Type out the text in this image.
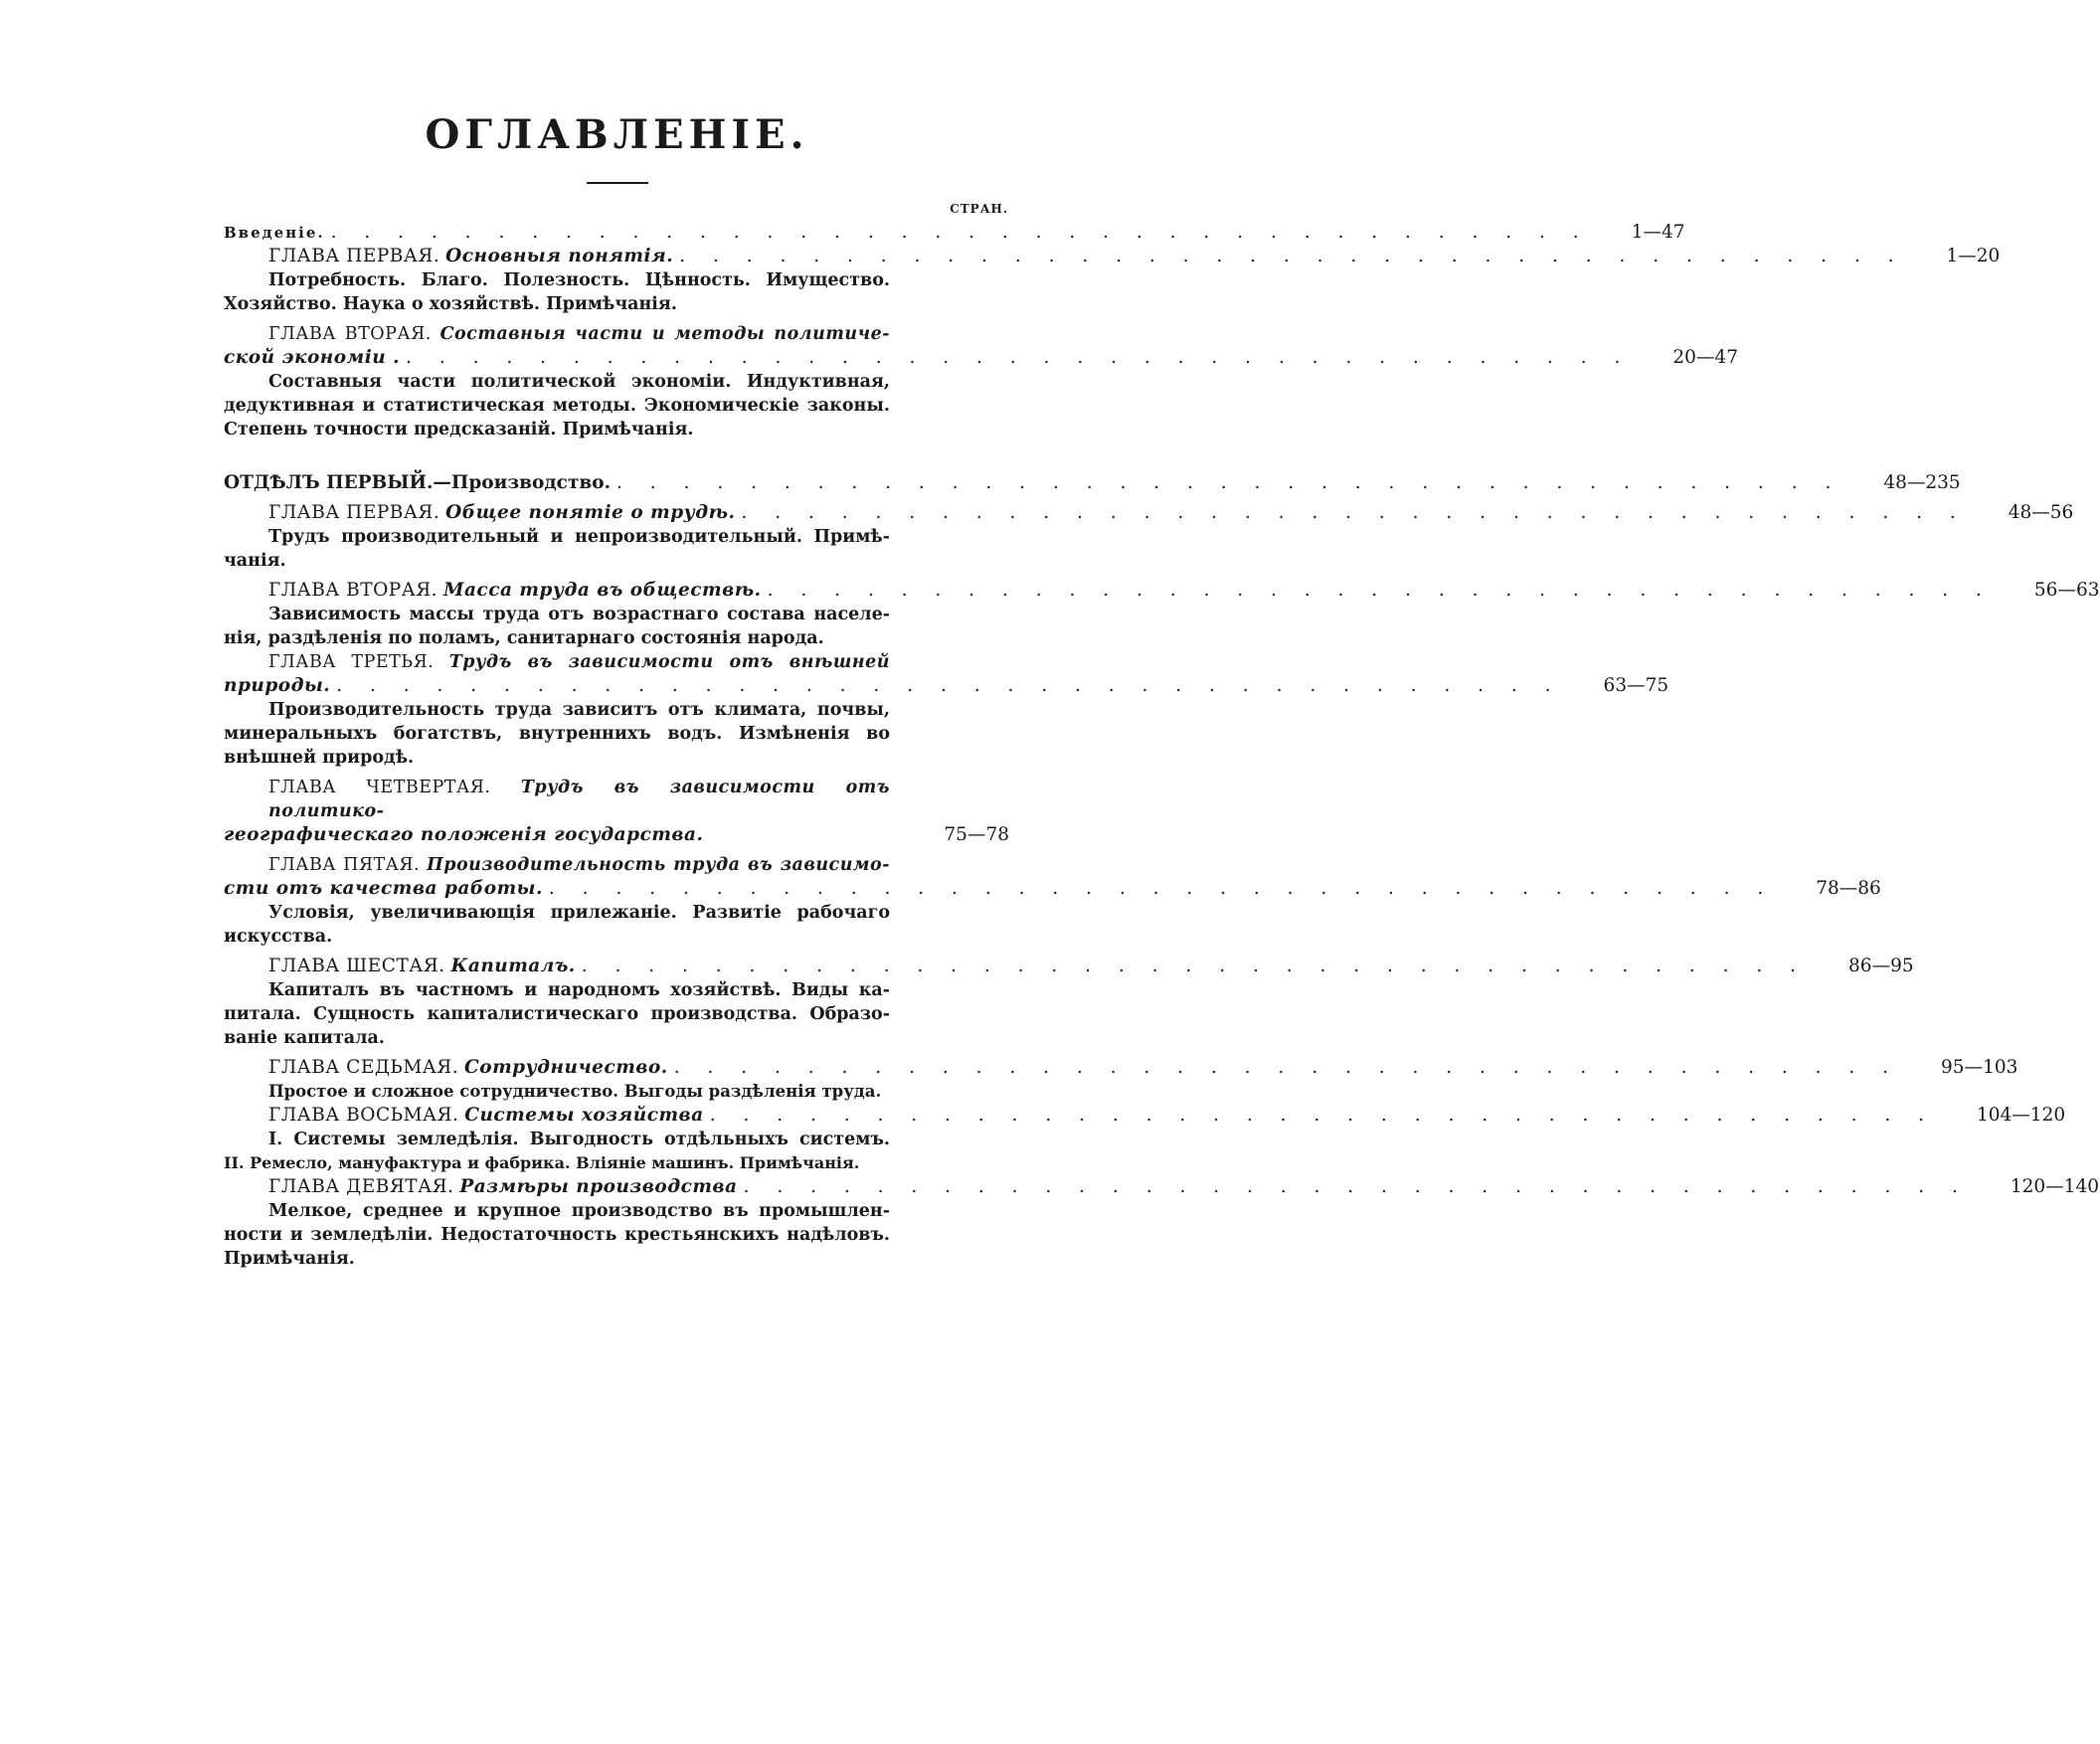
ОГЛАВЛЕНІЕ.
СТРАН.
Введеніе. . . . . . . . . . . . . . . . . . . . . . . . . . . . . . . . . . . . . . . 1—47
ГЛАВА ПЕРВАЯ.
Основныя понятія. . . . . . . . . . . . . . . . . . . . . . . . . . . . . . . . . . . . . . 1—20
Потребность. Благо. Полезность. Цѣнность. Имущество.
Хозяйство. Наука о хозяйствѣ. Примѣчанія.
ГЛАВА ВТОРАЯ. Составныя части и методы политиче-
ской экономіи . . . . . . . . . . . . . . . . . . . . . . . . . . . . . . . . . . . . . . 20—47
Составныя части политической экономіи. Индуктивная,
дедуктивная и статистическая методы. Экономическіе законы.
Степень точности предсказаній. Примѣчанія.
ОТДѢЛЪ ПЕРВЫЙ.—Производство. . . . . . . . . . . . . . . . . . . . . . . . . . . . . . . . . . . . . . 48—235
ГЛАВА ПЕРВАЯ.
Общее понятіе о трудѣ. . . . . . . . . . . . . . . . . . . . . . . . . . . . . . . . . . . . . . 48—56
Трудъ производительный и непроизводительный. Примѣ-
чанія.
ГЛАВА ВТОРАЯ.
Масса труда въ обществѣ. . . . . . . . . . . . . . . . . . . . . . . . . . . . . . . . . . . . . . 56—63
Зависимость массы труда отъ возрастнаго состава населе-
нія, раздѣленія по поламъ, санитарнаго состоянія народа.
ГЛАВА ТРЕТЬЯ. Трудъ въ зависимости отъ внѣшней
природы. . . . . . . . . . . . . . . . . . . . . . . . . . . . . . . . . . . . . . 63—75
Производительность труда зависитъ отъ климата, почвы,
минеральныхъ богатствъ, внутреннихъ водъ. Измѣненія во
внѣшней природѣ.
ГЛАВА ЧЕТВЕРТАЯ. Трудъ въ зависимости отъ политико-
географическаго положенія государства.	75—78
ГЛАВА ПЯТАЯ. Производительность труда въ зависимо-
сти отъ качества работы. . . . . . . . . . . . . . . . . . . . . . . . . . . . . . . . . . . . . . 78—86
Условія, увеличивающія прилежаніе. Развитіе рабочаго
искусства.
ГЛАВА ШЕСТАЯ.
Капиталъ. . . . . . . . . . . . . . . . . . . . . . . . . . . . . . . . . . . . . . 86—95
Капиталъ въ частномъ и народномъ хозяйствѣ. Виды ка-
питала. Сущность капиталистическаго производства. Образо-
ваніе капитала.
ГЛАВА СЕДЬМАЯ.
Сотрудничество. . . . . . . . . . . . . . . . . . . . . . . . . . . . . . . . . . . . . . 95—103
Простое и сложное сотрудничество. Выгоды раздѣленія труда.
ГЛАВА ВОСЬМАЯ.
Системы хозяйства . . . . . . . . . . . . . . . . . . . . . . . . . . . . . . . . . . . . . 104—120
I. Системы земледѣлія. Выгодность отдѣльныхъ системъ.
II. Ремесло, мануфактура и фабрика. Вліяніе машинъ. Примѣчанія.
ГЛАВА ДЕВЯТАЯ.
Размѣры производства . . . . . . . . . . . . . . . . . . . . . . . . . . . . . . . . . . . . . 120—140
Мелкое, среднее и крупное производство въ промышлен-
ности и земледѣліи. Недостаточность крестьянскихъ надѣловъ.
Примѣчанія.
